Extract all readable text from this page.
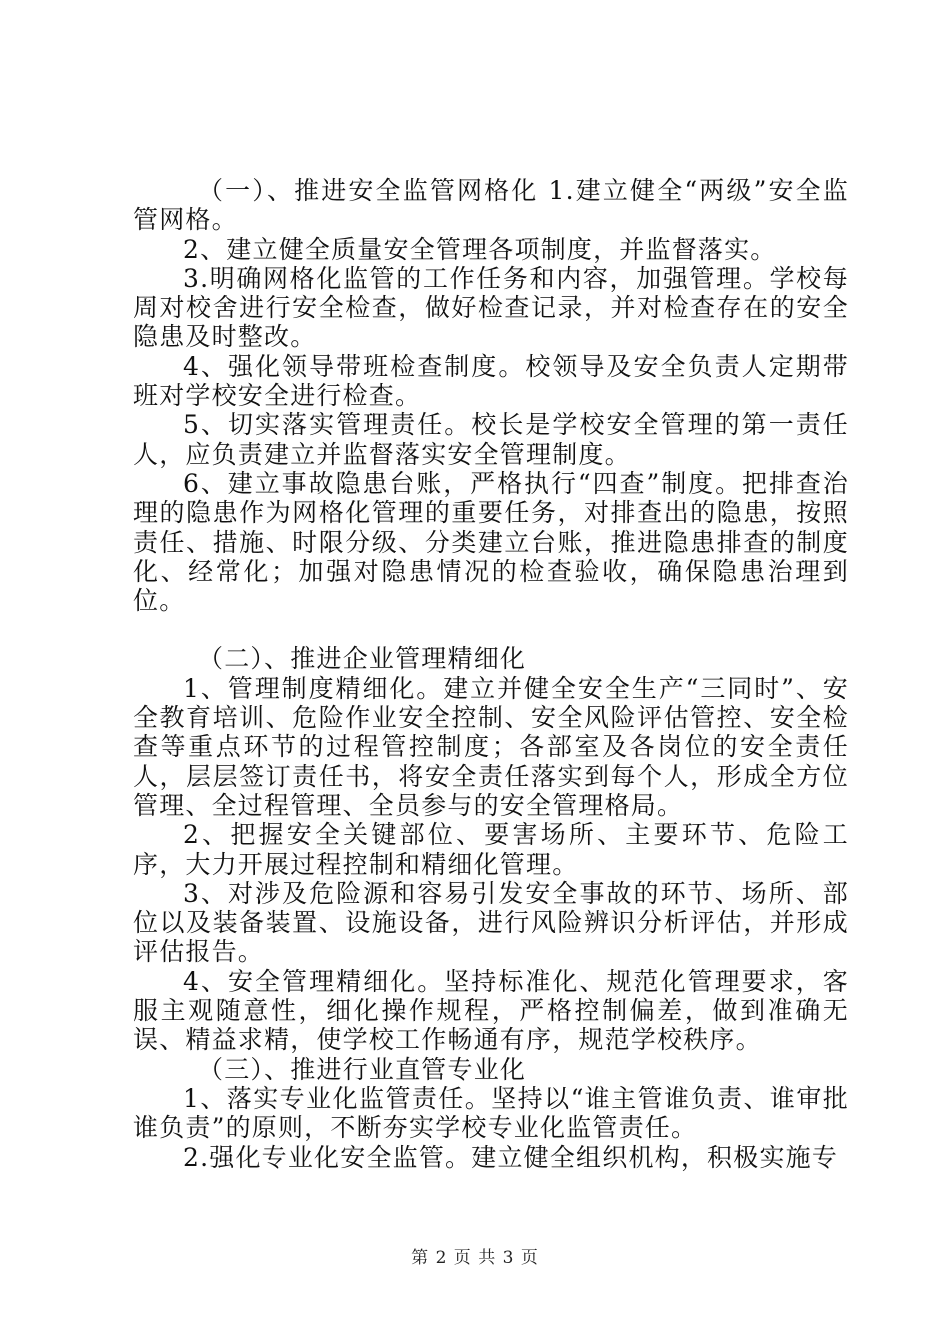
（一）、推进安全监管网格化 1.建立健全“两级”安全监管网格。

2、建立健全质量安全管理各项制度，并监督落实。

3.明确网格化监管的工作任务和内容，加强管理。学校每周对校舍进行安全检查，做好检查记录，并对检查存在的安全隐患及时整改。

4、强化领导带班检查制度。校领导及安全负责人定期带班对学校安全进行检查。

5、切实落实管理责任。校长是学校安全管理的第一责任人，应负责建立并监督落实安全管理制度。

6、建立事故隐患台账，严格执行“四查”制度。把排查治理的隐患作为网格化管理的重要任务，对排查出的隐患，按照责任、措施、时限分级、分类建立台账，推进隐患排查的制度化、经常化；加强对隐患情况的检查验收，确保隐患治理到位。

（二）、推进企业管理精细化

1、管理制度精细化。建立并健全安全生产“三同时”、安全教育培训、危险作业安全控制、安全风险评估管控、安全检查等重点环节的过程管控制度；各部室及各岗位的安全责任人，层层签订责任书，将安全责任落实到每个人，形成全方位管理、全过程管理、全员参与的安全管理格局。

2、把握安全关键部位、要害场所、主要环节、危险工序，大力开展过程控制和精细化管理。

3、对涉及危险源和容易引发安全事故的环节、场所、部位以及装备装置、设施设备，进行风险辨识分析评估，并形成评估报告。

4、安全管理精细化。坚持标准化、规范化管理要求，客服主观随意性，细化操作规程，严格控制偏差，做到准确无误、精益求精，使学校工作畅通有序，规范学校秩序。

（三）、推进行业直管专业化

1、落实专业化监管责任。坚持以“谁主管谁负责、谁审批谁负责”的原则，不断夯实学校专业化监管责任。

2.强化专业化安全监管。建立健全组织机构，积极实施专

第 2 页 共 3 页
